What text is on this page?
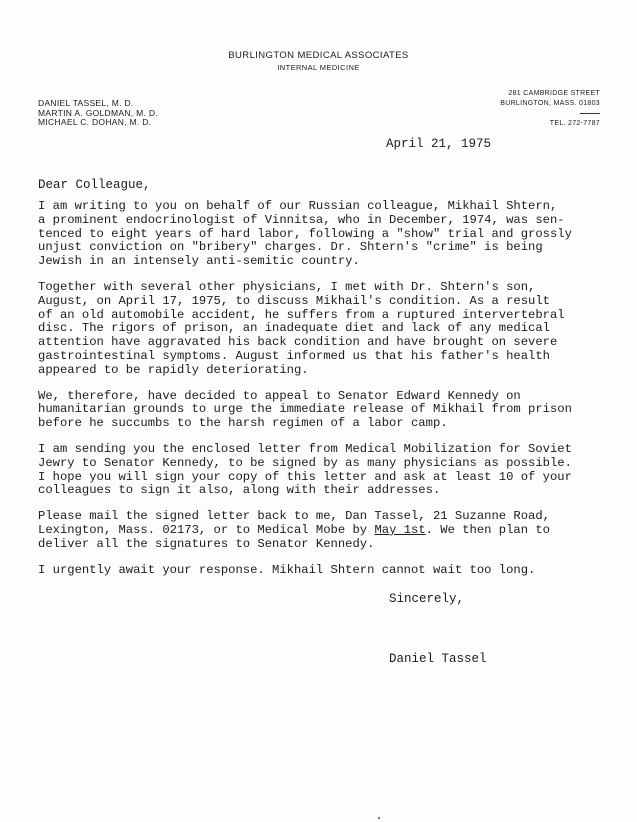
BURLINGTON MEDICAL ASSOCIATES
INTERNAL MEDICINE
DANIEL TASSEL, M. D.
MARTIN A. GOLDMAN, M. D.
MICHAEL C. DOHAN, M. D.
281 CAMBRIDGE STREET
BURLINGTON, MASS. 01803
TEL. 272-7787
April 21, 1975
Dear Colleague,
I am writing to you on behalf of our Russian colleague, Mikhail Shtern,
a prominent endocrinologist of Vinnitsa, who in December, 1974, was sen-
tenced to eight years of hard labor, following a "show" trial and grossly
unjust conviction on "bribery" charges. Dr. Shtern's "crime" is being
Jewish in an intensely anti-semitic country.
Together with several other physicians, I met with Dr. Shtern's son,
August, on April 17, 1975, to discuss Mikhail's condition. As a result
of an old automobile accident, he suffers from a ruptured intervertebral
disc. The rigors of prison, an inadequate diet and lack of any medical
attention have aggravated his back condition and have brought on severe
gastrointestinal symptoms. August informed us that his father's health
appeared to be rapidly deteriorating.
We, therefore, have decided to appeal to Senator Edward Kennedy on
humanitarian grounds to urge the immediate release of Mikhail from prison
before he succumbs to the harsh regimen of a labor camp.
I am sending you the enclosed letter from Medical Mobilization for Soviet
Jewry to Senator Kennedy, to be signed by as many physicians as possible.
I hope you will sign your copy of this letter and ask at least 10 of your
colleagues to sign it also, along with their addresses.
Please mail the signed letter back to me, Dan Tassel, 21 Suzanne Road,
Lexington, Mass. 02173, or to Medical Mobe by May 1st. We then plan to
deliver all the signatures to Senator Kennedy.
I urgently await your response. Mikhail Shtern cannot wait too long.
Sincerely,
Daniel Tassel
